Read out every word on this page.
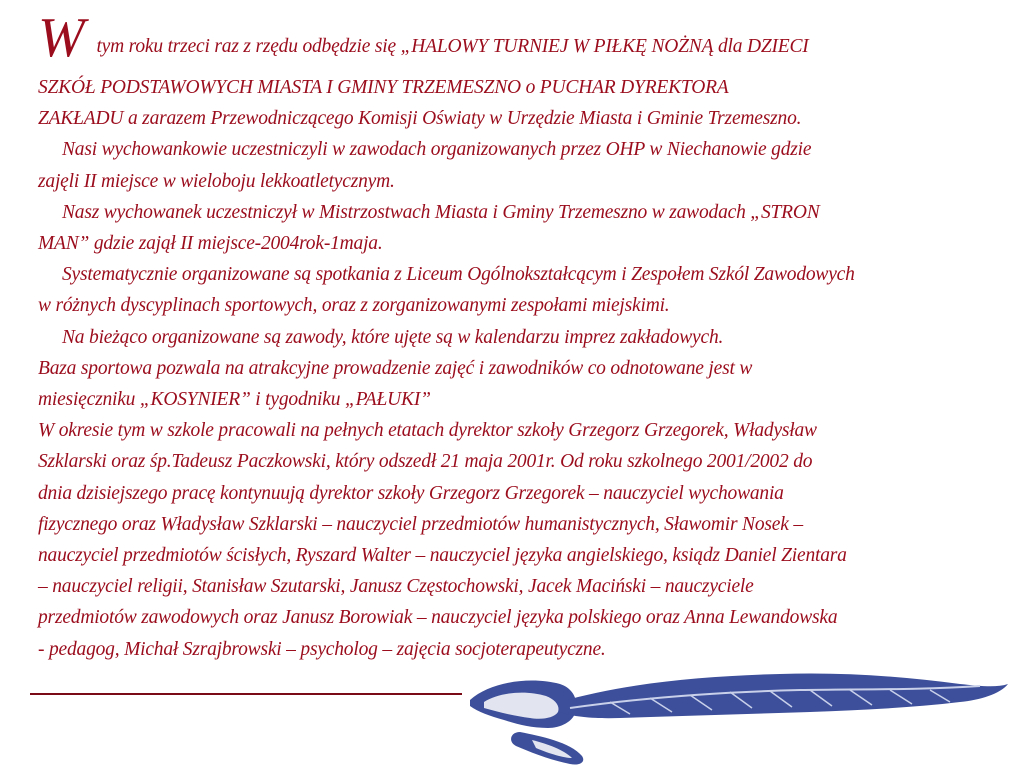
Wtym roku trzeci raz z rzędu odbędzie się „HALOWY TURNIEJ W PIŁKĘ NOŻNĄ dla DZIECI
SZKÓŁ PODSTAWOWYCH MIASTA I GMINY TRZEMESZNO o PUCHAR DYREKTORA
ZAKŁADU a zarazem Przewodniczącego Komisji Oświaty w Urzędzie Miasta i Gminie Trzemeszno.
Nasi wychowankowie uczestniczyli w zawodach organizowanych przez OHP w Niechanowie gdzie
zajęli II miejsce w wieloboju lekkoatletycznym.
Nasz wychowanek uczestniczył w Mistrzostwach Miasta i Gminy Trzemeszno w zawodach „STRON
MAN” gdzie zajął II miejsce-2004rok-1maja.
Systematycznie organizowane są spotkania z Liceum Ogólnokształcącym i Zespołem Szkól Zawodowych
w różnych dyscyplinach sportowych, oraz z zorganizowanymi zespołami miejskimi.
Na bieżąco organizowane są zawody, które ujęte są w kalendarzu imprez zakładowych.
Baza sportowa pozwala na atrakcyjne prowadzenie zajęć i zawodników co odnotowane jest w
miesięczniku „KOSYNIER” i tygodniku „PAŁUKI”
W okresie tym w szkole pracowali na pełnych etatach dyrektor szkoły Grzegorz Grzegorek, Władysław
Szklarski oraz śp.Tadeusz Paczkowski, który odszedł 21 maja 2001r. Od roku szkolnego 2001/2002 do
dnia dzisiejszego pracę kontynuują dyrektor szkoły Grzegorz Grzegorek – nauczyciel wychowania
fizycznego oraz Władysław Szklarski – nauczyciel przedmiotów humanistycznych, Sławomir Nosek –
nauczyciel przedmiotów ścisłych, Ryszard Walter – nauczyciel języka angielskiego, ksiądz Daniel Zientara
– nauczyciel religii, Stanisław Szutarski, Janusz Częstochowski, Jacek Maciński – nauczyciele
przedmiotów zawodowych oraz Janusz Borowiak – nauczyciel języka polskiego oraz Anna Lewandowska
- pedagog, Michał Szrajbrowski – psycholog – zajęcia socjoterapeutyczne.
